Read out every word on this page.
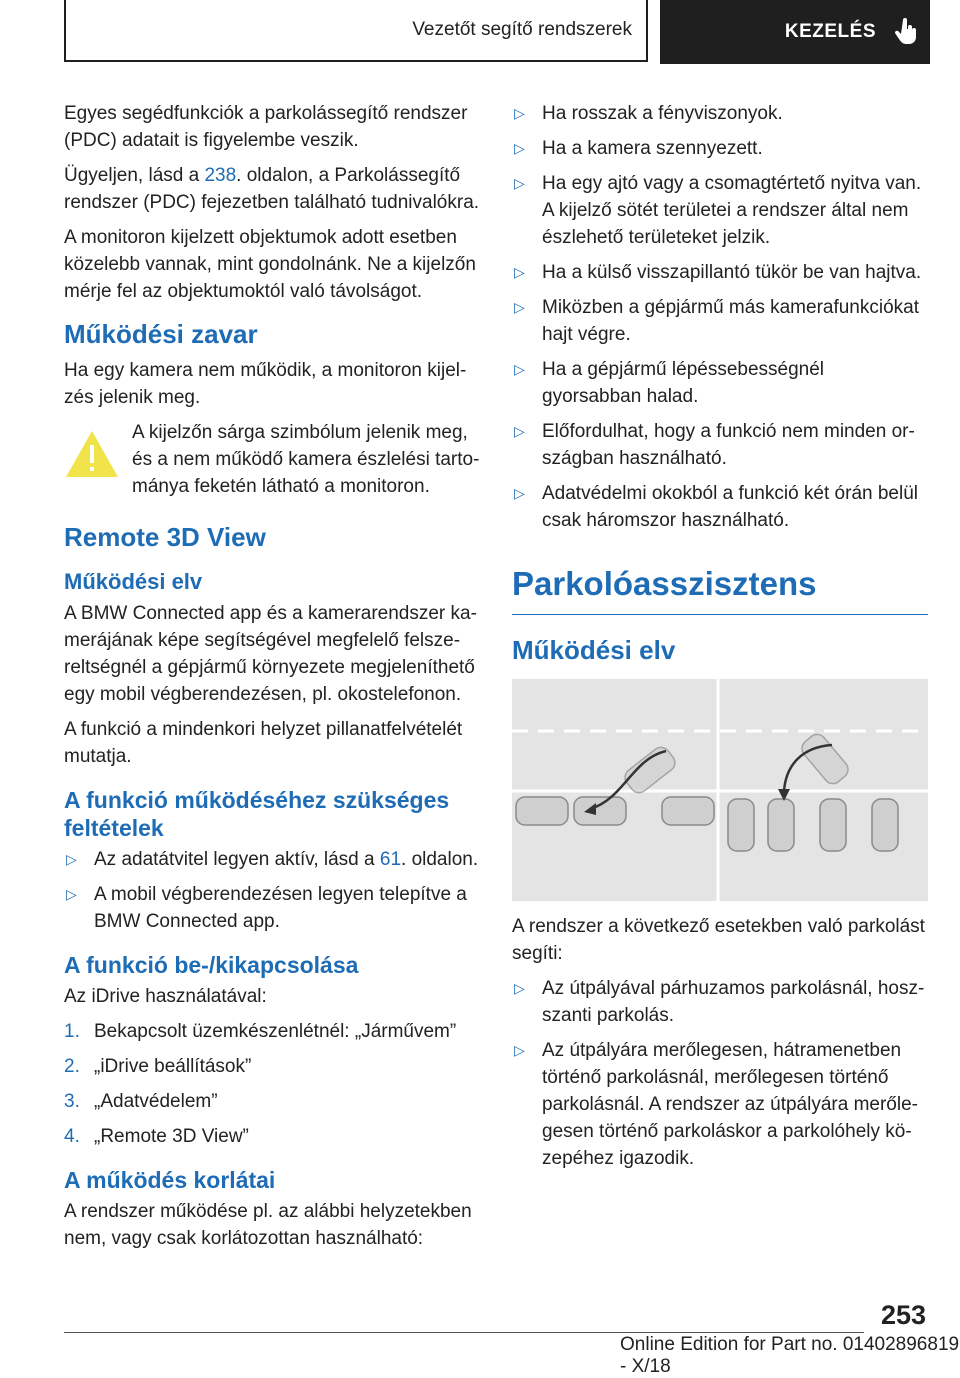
Vezetőt segítő rendszerek	KEZELÉS

Egyes segédfunkciók a parkolássegítő rendszer (PDC) adatait is figyelembe veszik.

Ügyeljen, lásd a 238. oldalon, a Parkolássegítő rendszer (PDC) fejezetben található tudnivalókra.

A monitoron kijelzett objektumok adott esetben közelebb vannak, mint gondolnánk. Ne a kijelzőn mérje fel az objektumoktól való távolságot.

Működési zavar

Ha egy kamera nem működik, a monitoron kijel- zés jelenik meg.

A kijelzőn sárga szimbólum jelenik meg, és a nem működő kamera észlelési tarto- mánya feketén látható a monitoron.

Remote 3D View
Működési elv

A BMW Connected app és a kamerarendszer ka- merájának képe segítségével megfelelő felsze- reltségnél a gépjármű környezete megjeleníthető egy mobil végberendezésen, pl. okostelefonon.

A funkció a mindenkori helyzet pillanatfelvételét mutatja.

A funkció működéséhez szükséges feltételek
▷ Az adatátvitel legyen aktív, lásd a 61. oldalon.
▷ A mobil végberendezésen legyen telepítve a BMW Connected app.
A funkció be-/kikapcsolása

Az iDrive használatával:

1. Bekapcsolt üzemkészenlétnél: „Járművem”
2. „iDrive beállítások”
3. „Adatvédelem”
4. „Remote 3D View”
A működés korlátai

A rendszer működése pl. az alábbi helyzetekben nem, vagy csak korlátozottan használható:

▷ Ha rosszak a fényviszonyok.
▷ Ha a kamera szennyezett.
▷ Ha egy ajtó vagy a csomagtértető nyitva van. A kijelző sötét területei a rendszer által nem észlehető területeket jelzik.
▷ Ha a külső visszapillantó tükör be van hajtva.
▷ Miközben a gépjármű más kamerafunkciókat hajt végre.
▷ Ha a gépjármű lépéssebességnél gyorsabban halad.
▷ Előfordulhat, hogy a funkció nem minden or- szágban használható.
▷ Adatvédelmi okokból a funkció két órán belül csak háromszor használható.
Parkolóasszisztens
Működési elv

A rendszer a következő esetekben való parkolást segíti:

▷ Az útpályával párhuzamos parkolásnál, hosz- szanti parkolás.
▷ Az útpályára merőlegesen, hátramenetben történő parkolásnál, merőlegesen történő parkolásnál. A rendszer az útpályára merőle- gesen történő parkoláskor a parkolóhely kö- zepéhez igazodik.
253
Online Edition for Part no. 01402896819 - X/18
